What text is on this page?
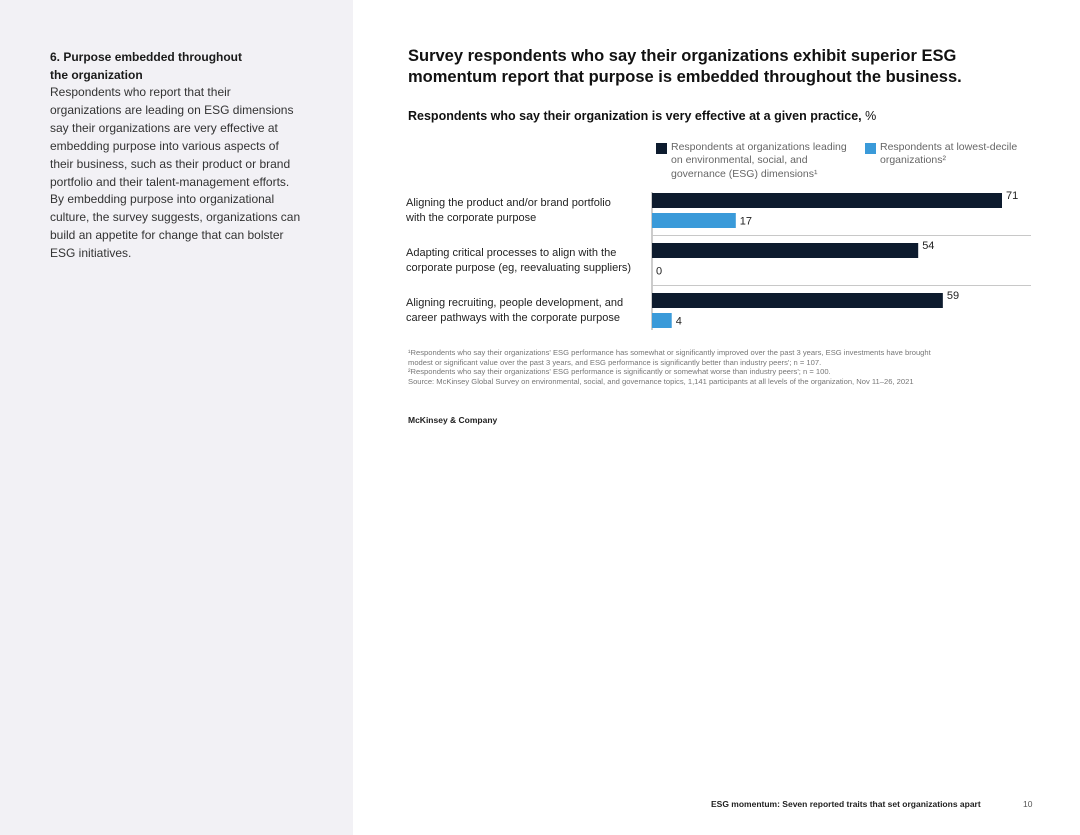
6. Purpose embedded throughout
the organization
Respondents who report that their
organizations are leading on ESG dimensions
say their organizations are very effective at
embedding purpose into various aspects of
their business, such as their product or brand
portfolio and their talent-management efforts.
By embedding purpose into organizational
culture, the survey suggests, organizations can
build an appetite for change that can bolster
ESG initiatives.
Survey respondents who say their organizations exhibit superior ESG
momentum report that purpose is embedded throughout the business.
Respondents who say their organization is very effective at a given practice, %
Respondents at organizations leading
on environmental, social, and
governance (ESG) dimensions¹
Respondents at lowest-decile
organizations²
Aligning the product and/or brand portfolio
with the corporate purpose
Adapting critical processes to align with the
corporate purpose (eg, reevaluating suppliers)
Aligning recruiting, people development, and
career pathways with the corporate purpose
71
17
54
0
59
4

¹Respondents who say their organizations' ESG performance has somewhat or significantly improved over the past 3 years, ESG investments have brought

modest or significant value over the past 3 years, and ESG performance is significantly better than industry peers'; n = 107.

²Respondents who say their organizations' ESG performance is significantly or somewhat worse than industry peers'; n = 100.

Source: McKinsey Global Survey on environmental, social, and governance topics, 1,141 participants at all levels of the organization, Nov 11–26, 2021

McKinsey & Company
ESG momentum: Seven reported traits that set organizations apart	10
